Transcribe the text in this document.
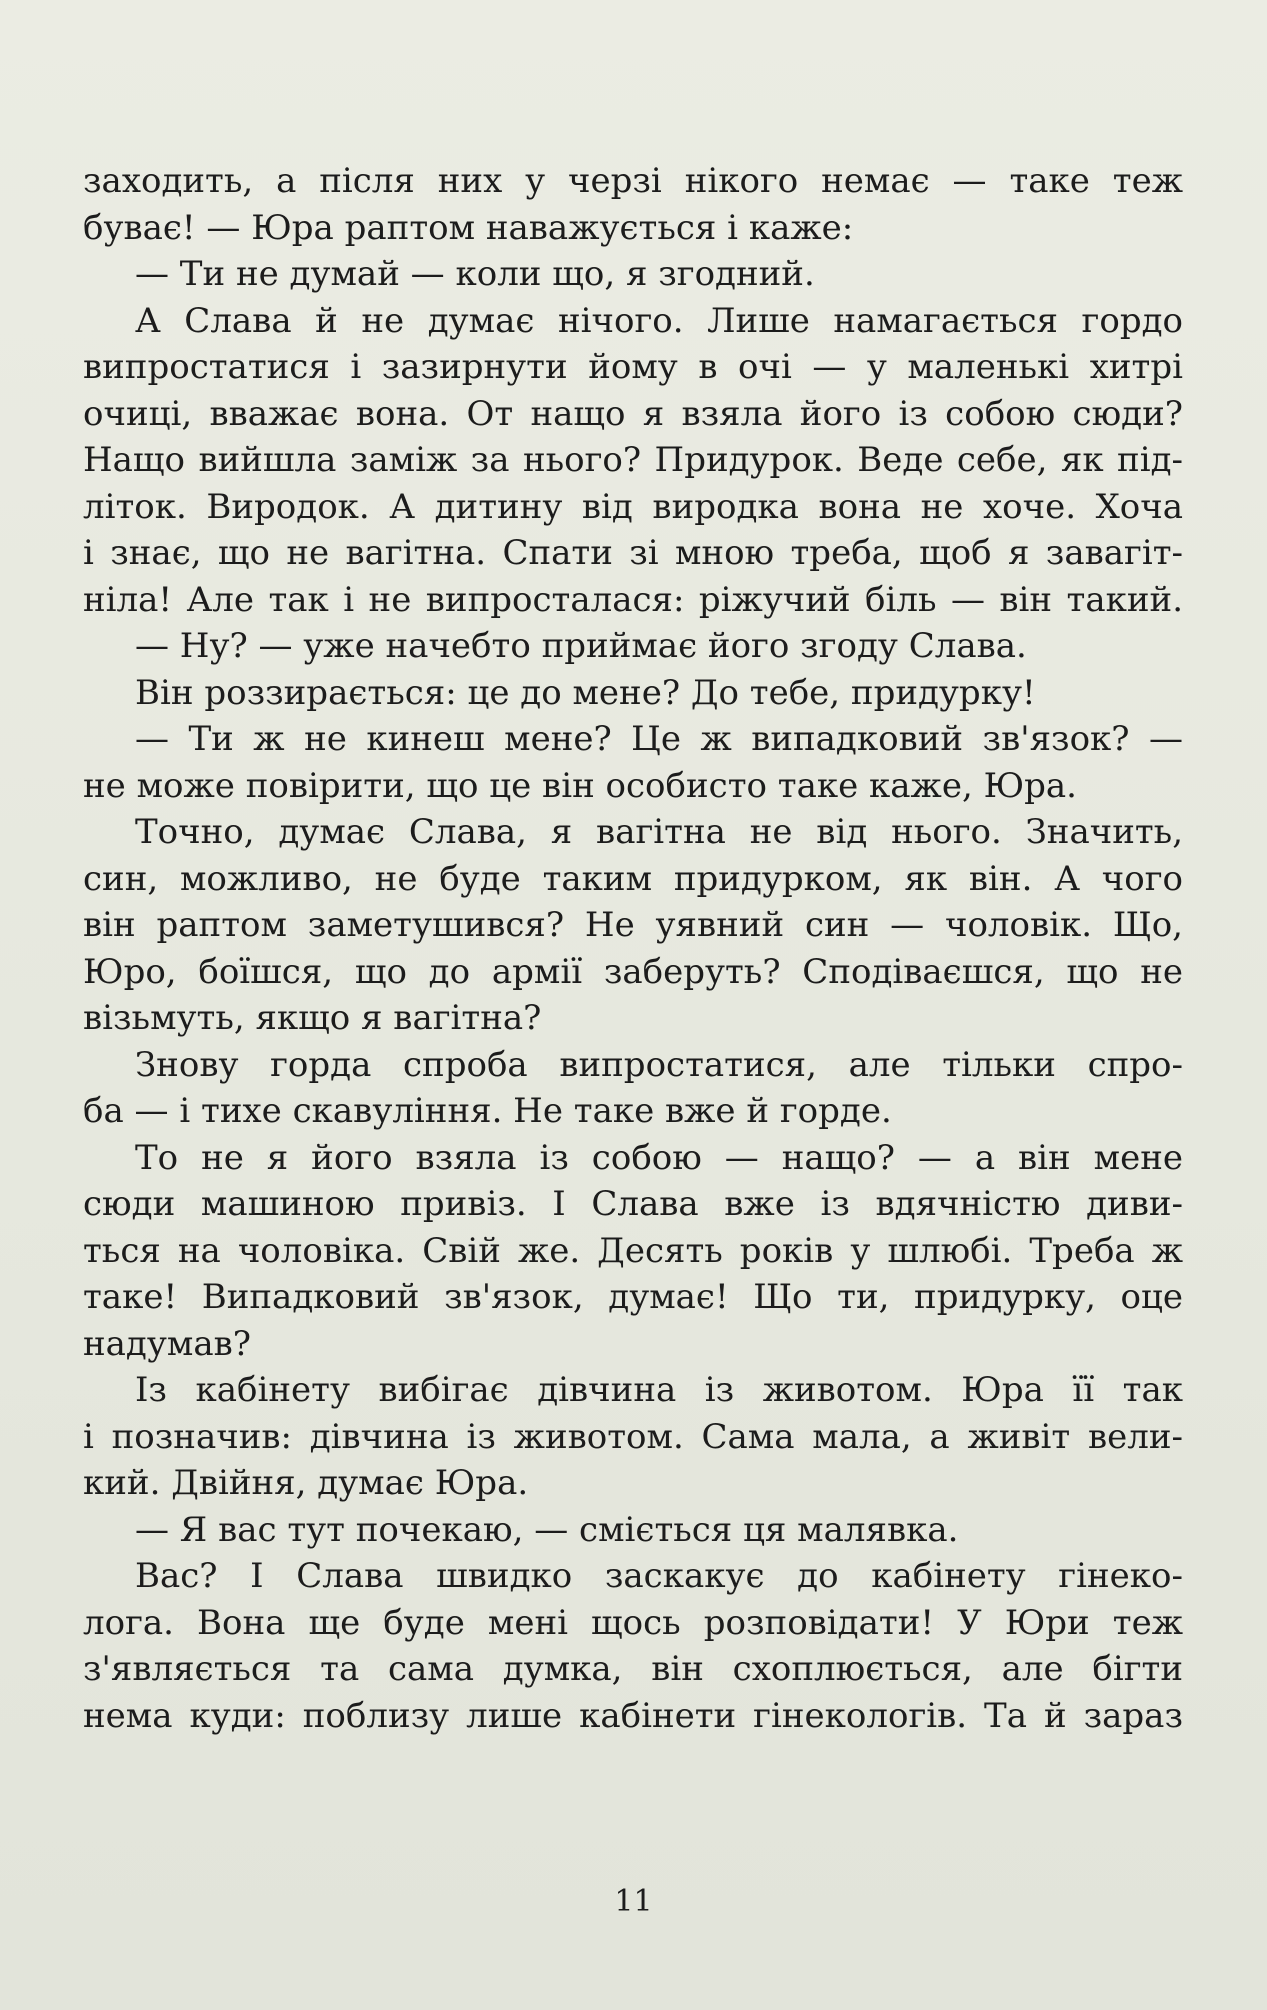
заходить, а після них у черзі нікого немає — таке теж
буває! — Юра раптом наважується і каже:
— Ти не думай — коли що, я згодний.
А Слава й не думає нічого. Лише намагається гордо
випростатися і зазирнути йому в очі — у маленькі хитрі
очиці, вважає вона. От нащо я взяла його із собою сюди?
Нащо вийшла заміж за нього? Придурок. Веде себе, як під-
літок. Виродок. А дитину від виродка вона не хоче. Хоча
і знає, що не вагітна. Спати зі мною треба, щоб я завагіт-
ніла! Але так і не випросталася: ріжучий біль — він такий.
— Ну? — уже начебто приймає його згоду Слава.
Він роззирається: це до мене? До тебе, придурку!
— Ти ж не кинеш мене? Це ж випадковий зв'язок? —
не може повірити, що це він особисто таке каже, Юра.
Точно, думає Слава, я вагітна не від нього. Значить,
син, можливо, не буде таким придурком, як він. А чого
він раптом заметушився? Не уявний син — чоловік. Що,
Юро, боїшся, що до армії заберуть? Сподіваєшся, що не
візьмуть, якщо я вагітна?
Знову горда спроба випростатися, але тільки спро-
ба — і тихе скавуління. Не таке вже й горде.
То не я його взяла із собою — нащо? — а він мене
сюди машиною привіз. І Слава вже із вдячністю диви-
ться на чоловіка. Свій же. Десять років у шлюбі. Треба ж
таке! Випадковий зв'язок, думає! Що ти, придурку, оце
надумав?
Із кабінету вибігає дівчина із животом. Юра її так
і позначив: дівчина із животом. Сама мала, а живіт вели-
кий. Двійня, думає Юра.
— Я вас тут почекаю, — сміється ця малявка.
Вас? І Слава швидко заскакує до кабінету гінеко-
лога. Вона ще буде мені щось розповідати! У Юри теж
з'являється та сама думка, він схоплюється, але бігти
нема куди: поблизу лише кабінети гінекологів. Та й зараз
11
